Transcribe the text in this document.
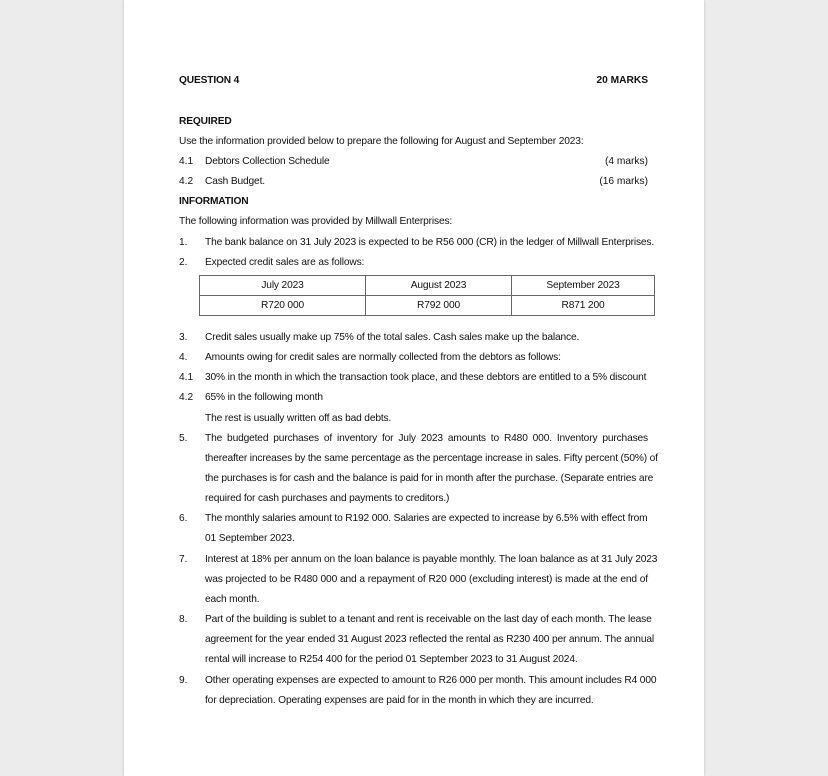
QUESTION 4	20 MARKS
REQUIRED
Use the information provided below to prepare the following for August and September 2023:
4.1 Debtors Collection Schedule	(4 marks)
4.2 Cash Budget.	(16 marks)
INFORMATION
The following information was provided by Millwall Enterprises:
1. The bank balance on 31 July 2023 is expected to be R56 000 (CR) in the ledger of Millwall Enterprises.
2. Expected credit sales are as follows:
July 2023	August 2023	September 2023
R720 000	R792 000	R871 200
3. Credit sales usually make up 75% of the total sales. Cash sales make up the balance.
4. Amounts owing for credit sales are normally collected from the debtors as follows:
4.1 30% in the month in which the transaction took place, and these debtors are entitled to a 5% discount
4.2 65% in the following month
The rest is usually written off as bad debts.
5. The budgeted purchases of inventory for July 2023 amounts to R480 000. Inventory purchases
thereafter increases by the same percentage as the percentage increase in sales. Fifty percent (50%) of
the purchases is for cash and the balance is paid for in month after the purchase. (Separate entries are
required for cash purchases and payments to creditors.)
6. The monthly salaries amount to R192 000. Salaries are expected to increase by 6.5% with effect from
01 September 2023.
7. Interest at 18% per annum on the loan balance is payable monthly. The loan balance as at 31 July 2023
was projected to be R480 000 and a repayment of R20 000 (excluding interest) is made at the end of
each month.
8. Part of the building is sublet to a tenant and rent is receivable on the last day of each month. The lease
agreement for the year ended 31 August 2023 reflected the rental as R230 400 per annum. The annual
rental will increase to R254 400 for the period 01 September 2023 to 31 August 2024.
9. Other operating expenses are expected to amount to R26 000 per month. This amount includes R4 000
for depreciation. Operating expenses are paid for in the month in which they are incurred.
